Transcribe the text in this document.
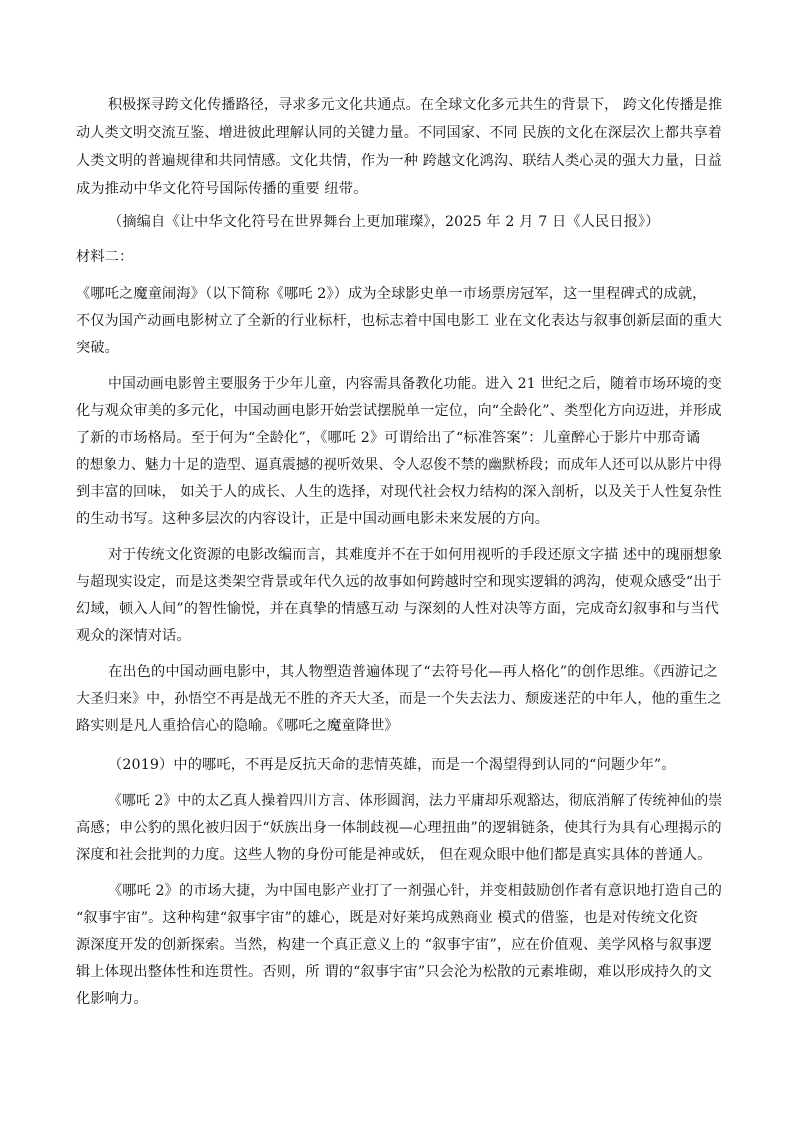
积极探寻跨文化传播路径，寻求多元文化共通点。在全球文化多元共生的背景下， 跨文化传播是推

动人类文明交流互鉴、增进彼此理解认同的关键力量。不同国家、不同 民族的文化在深层次上都共享着

人类文明的普遍规律和共同情感。文化共情，作为一种 跨越文化鸿沟、联结人类心灵的强大力量，日益

成为推动中华文化符号国际传播的重要 纽带。

（摘编自《让中华文化符号在世界舞台上更加璀璨》，2025 年 2 月 7 日《人民日报》）

材料二：

《哪吒之魔童闹海》（以下简称《哪吒 2》）成为全球影史单一市场票房冠军，这一里程碑式的成就，

不仅为国产动画电影树立了全新的行业标杆，也标志着中国电影工 业在文化表达与叙事创新层面的重大

突破。

中国动画电影曾主要服务于少年儿童，内容需具备教化功能。进入 21 世纪之后，随着市场环境的变

化与观众审美的多元化，中国动画电影开始尝试摆脱单一定位，向“全龄化”、类型化方向迈进，并形成

了新的市场格局。至于何为“全龄化”，《哪吒 2》可谓给出了“标准答案”：儿童醉心于影片中那奇谲

的想象力、魅力十足的造型、逼真震撼的视听效果、令人忍俊不禁的幽默桥段；而成年人还可以从影片中得

到丰富的回味， 如关于人的成长、人生的选择，对现代社会权力结构的深入剖析，以及关于人性复杂性

的生动书写。这种多层次的内容设计，正是中国动画电影未来发展的方向。

对于传统文化资源的电影改编而言，其难度并不在于如何用视听的手段还原文字描 述中的瑰丽想象

与超现实设定，而是这类架空背景或年代久远的故事如何跨越时空和现实逻辑的鸿沟，使观众感受“出于

幻域，顿入人间”的智性愉悦，并在真挚的情感互动 与深刻的人性对决等方面，完成奇幻叙事和与当代

观众的深情对话。

在出色的中国动画电影中，其人物塑造普遍体现了“去符号化—再人格化”的创作思维。《西游记之

大圣归来》中，孙悟空不再是战无不胜的齐天大圣，而是一个失去法力、颓废迷茫的中年人，他的重生之

路实则是凡人重拾信心的隐喻。《哪吒之魔童降世》

（2019）中的哪吒，不再是反抗天命的悲情英雄，而是一个渴望得到认同的“问题少年”。

《哪吒 2》中的太乙真人操着四川方言、体形圆润，法力平庸却乐观豁达，彻底消解了传统神仙的崇

高感；申公豹的黑化被归因于“妖族出身一体制歧视—心理扭曲”的逻辑链条，使其行为具有心理揭示的

深度和社会批判的力度。这些人物的身份可能是神或妖， 但在观众眼中他们都是真实具体的普通人。

《哪吒 2》的市场大捷，为中国电影产业打了一剂强心针，并变相鼓励创作者有意识地打造自己的

“叙事宇宙”。这种构建“叙事宇宙”的雄心，既是对好莱坞成熟商业 模式的借鉴，也是对传统文化资

源深度开发的创新探索。当然，构建一个真正意义上的 “叙事宇宙”，应在价值观、美学风格与叙事逻

辑上体现出整体性和连贯性。否则，所 谓的“叙事宇宙”只会沦为松散的元素堆砌，难以形成持久的文

化影响力。
